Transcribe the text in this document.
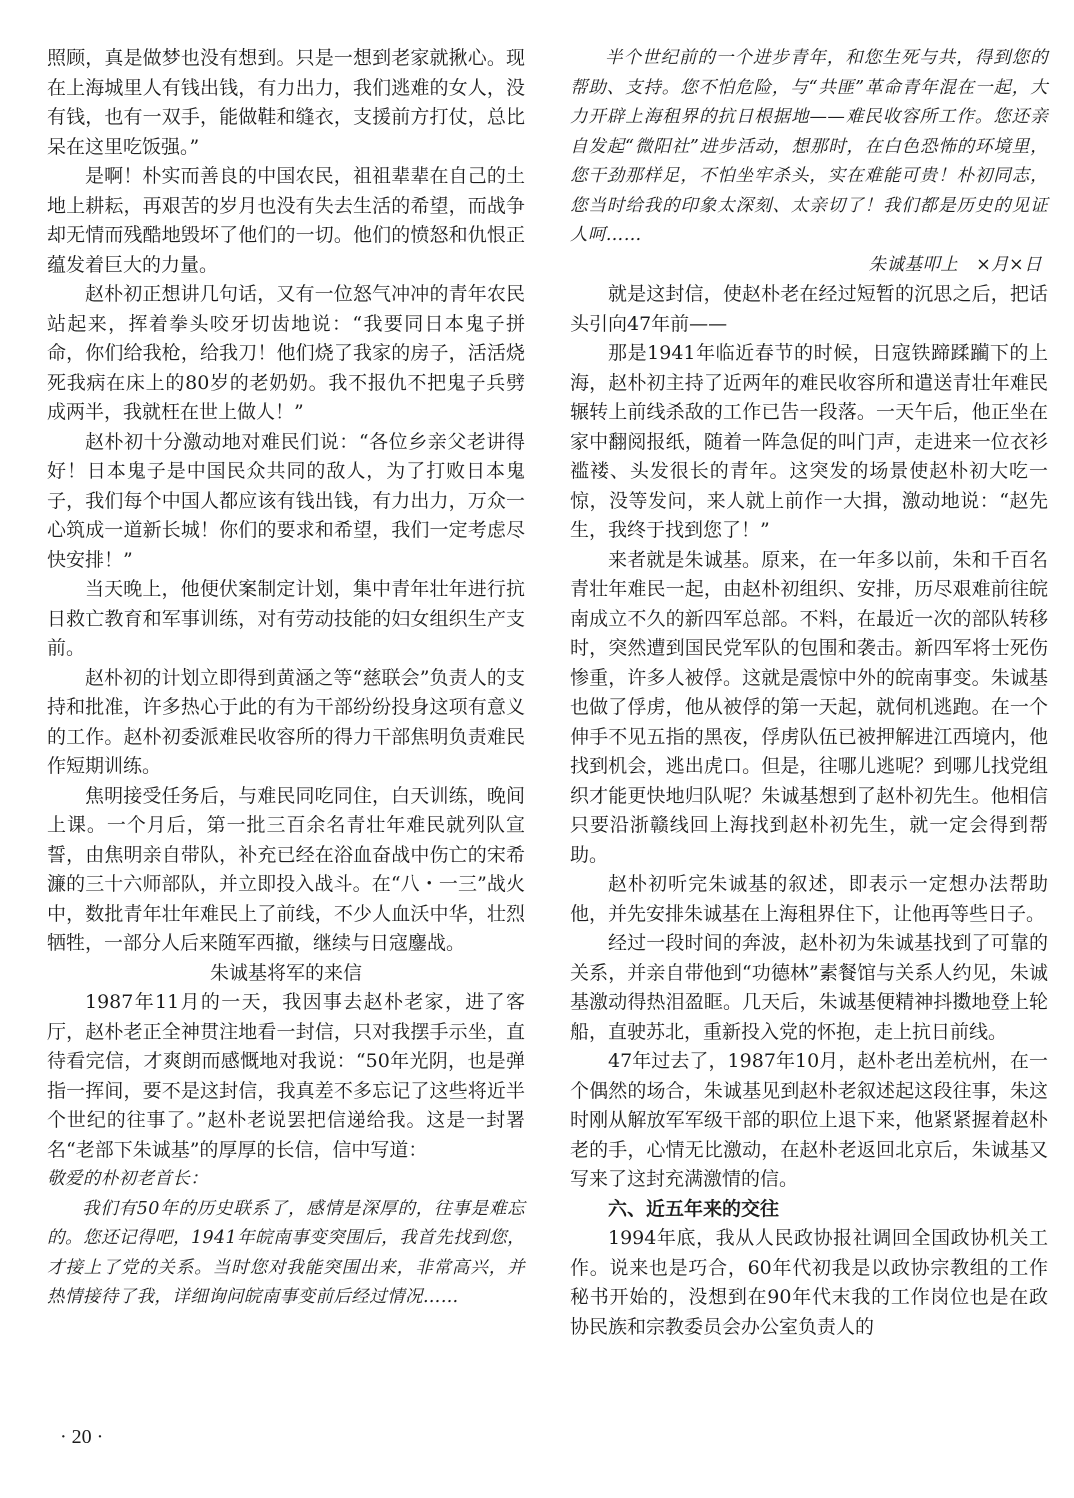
照顾，真是做梦也没有想到。只是一想到老家就揪心。现在上海城里人有钱出钱，有力出力，我们逃难的女人，没有钱，也有一双手，能做鞋和缝衣，支援前方打仗，总比呆在这里吃饭强。”

是啊！朴实而善良的中国农民，祖祖辈辈在自己的土地上耕耘，再艰苦的岁月也没有失去生活的希望，而战争却无情而残酷地毁坏了他们的一切。他们的愤怒和仇恨正蕴发着巨大的力量。

赵朴初正想讲几句话，又有一位怒气冲冲的青年农民站起来，挥着拳头咬牙切齿地说：“我要同日本鬼子拼命，你们给我枪，给我刀！他们烧了我家的房子，活活烧死我病在床上的80岁的老奶奶。我不报仇不把鬼子兵劈成两半，我就枉在世上做人！”

赵朴初十分激动地对难民们说：“各位乡亲父老讲得好！日本鬼子是中国民众共同的敌人，为了打败日本鬼子，我们每个中国人都应该有钱出钱，有力出力，万众一心筑成一道新长城！你们的要求和希望，我们一定考虑尽快安排！”

当天晚上，他便伏案制定计划，集中青年壮年进行抗日救亡教育和军事训练，对有劳动技能的妇女组织生产支前。

赵朴初的计划立即得到黄涵之等“慈联会”负责人的支持和批准，许多热心于此的有为干部纷纷投身这项有意义的工作。赵朴初委派难民收容所的得力干部焦明负责难民作短期训练。

焦明接受任务后，与难民同吃同住，白天训练，晚间上课。一个月后，第一批三百余名青壮年难民就列队宣誓，由焦明亲自带队，补充已经在浴血奋战中伤亡的宋希濂的三十六师部队，并立即投入战斗。在“八・一三”战火中，数批青年壮年难民上了前线，不少人血沃中华，壮烈牺牲，一部分人后来随军西撤，继续与日寇鏖战。

朱诚基将军的来信

1987年11月的一天，我因事去赵朴老家，进了客厅，赵朴老正全神贯注地看一封信，只对我摆手示坐，直待看完信，才爽朗而感慨地对我说：“50年光阴，也是弹指一挥间，要不是这封信，我真差不多忘记了这些将近半个世纪的往事了。”赵朴老说罢把信递给我。这是一封署名“老部下朱诚基”的厚厚的长信，信中写道：

敬爱的朴初老首长：

我们有50年的历史联系了，感情是深厚的，往事是难忘的。您还记得吧，1941年皖南事变突围后，我首先找到您，才接上了党的关系。当时您对我能突围出来，非常高兴，并热情接待了我，详细询问皖南事变前后经过情况……

半个世纪前的一个进步青年，和您生死与共，得到您的帮助、支持。您不怕危险，与“共匪”革命青年混在一起，大力开辟上海租界的抗日根据地——难民收容所工作。您还亲自发起“微阳社”进步活动，想那时，在白色恐怖的环境里，您干劲那样足，不怕坐牢杀头，实在难能可贵！朴初同志，您当时给我的印象太深刻、太亲切了！我们都是历史的见证人呵……

朱诚基叩上　×月×日

就是这封信，使赵朴老在经过短暂的沉思之后，把话头引向47年前——

那是1941年临近春节的时候，日寇铁蹄蹂躏下的上海，赵朴初主持了近两年的难民收容所和遣送青壮年难民辗转上前线杀敌的工作已告一段落。一天午后，他正坐在家中翻阅报纸，随着一阵急促的叫门声，走进来一位衣衫褴褛、头发很长的青年。这突发的场景使赵朴初大吃一惊，没等发问，来人就上前作一大揖，激动地说：“赵先生，我终于找到您了！”

来者就是朱诚基。原来，在一年多以前，朱和千百名青壮年难民一起，由赵朴初组织、安排，历尽艰难前往皖南成立不久的新四军总部。不料，在最近一次的部队转移时，突然遭到国民党军队的包围和袭击。新四军将士死伤惨重，许多人被俘。这就是震惊中外的皖南事变。朱诚基也做了俘虏，他从被俘的第一天起，就伺机逃跑。在一个伸手不见五指的黑夜，俘虏队伍已被押解进江西境内，他找到机会，逃出虎口。但是，往哪儿逃呢？到哪儿找党组织才能更快地归队呢？朱诚基想到了赵朴初先生。他相信只要沿浙赣线回上海找到赵朴初先生，就一定会得到帮助。

赵朴初听完朱诚基的叙述，即表示一定想办法帮助他，并先安排朱诚基在上海租界住下，让他再等些日子。

经过一段时间的奔波，赵朴初为朱诚基找到了可靠的关系，并亲自带他到“功德林”素餐馆与关系人约见，朱诚基激动得热泪盈眶。几天后，朱诚基便精神抖擞地登上轮船，直驶苏北，重新投入党的怀抱，走上抗日前线。

47年过去了，1987年10月，赵朴老出差杭州，在一个偶然的场合，朱诚基见到赵朴老叙述起这段往事，朱这时刚从解放军军级干部的职位上退下来，他紧紧握着赵朴老的手，心情无比激动，在赵朴老返回北京后，朱诚基又写来了这封充满激情的信。

六、近五年来的交往

1994年底，我从人民政协报社调回全国政协机关工作。说来也是巧合，60年代初我是以政协宗教组的工作秘书开始的，没想到在90年代末我的工作岗位也是在政协民族和宗教委员会办公室负责人的

· 20 ·
